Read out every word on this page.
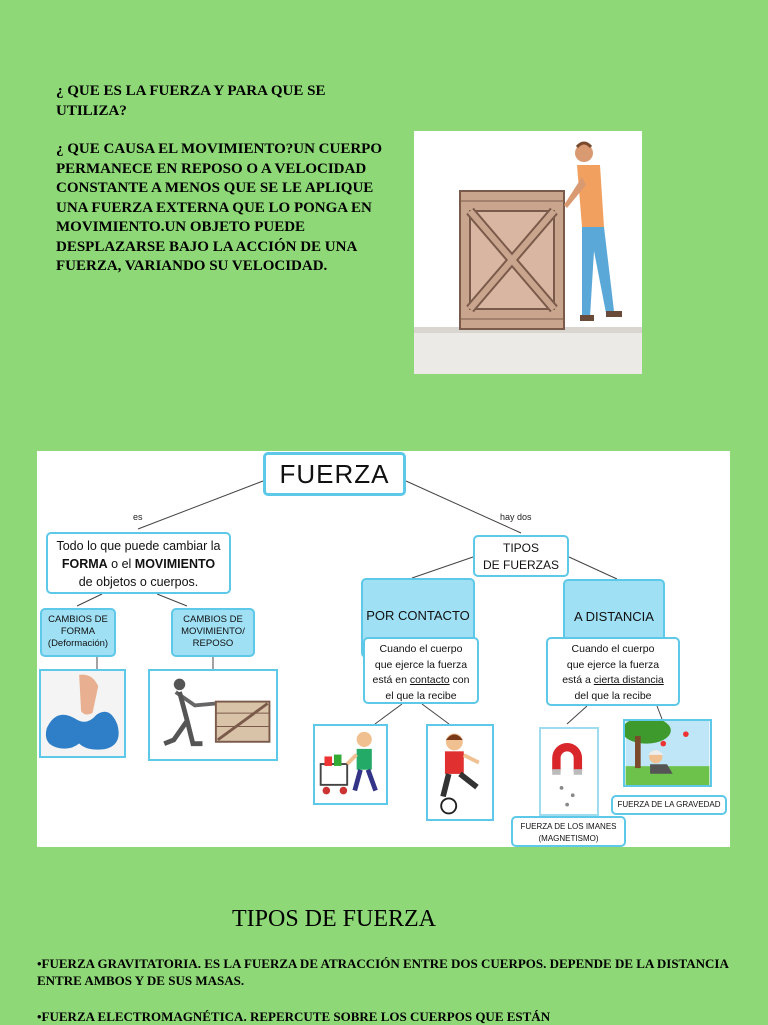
¿ QUE ES LA FUERZA Y PARA QUE SE UTILIZA?

¿ QUE CAUSA EL MOVIMIENTO?UN CUERPO PERMANECE EN REPOSO O A VELOCIDAD CONSTANTE A MENOS QUE SE LE APLIQUE UNA FUERZA EXTERNA QUE LO PONGA EN MOVIMIENTO.UN OBJETO PUEDE DESPLAZARSE BAJO LA ACCIÓN DE UNA FUERZA, VARIANDO SU VELOCIDAD.

FUERZA
es	hay dos
Todo lo que puede cambiar la
FORMA o el MOVIMIENTO
de objetos o cuerpos.
CAMBIOS DE
FORMA
(Deformación)
CAMBIOS DE
MOVIMIENTO/
REPOSO
TIPOS
DE FUERZAS
POR CONTACTO	A DISTANCIA
Cuando el cuerpo
que ejerce la fuerza
está en contacto con
el que la recibe
Cuando el cuerpo
que ejerce la fuerza
está a cierta distancia
del que la recibe
FUERZA DE LOS IMANES
(MAGNETISMO)
FUERZA DE LA GRAVEDAD
TIPOS DE FUERZA
•FUERZA GRAVITATORIA. ES LA FUERZA DE ATRACCIÓN ENTRE DOS CUERPOS. DEPENDE DE LA DISTANCIA ENTRE AMBOS Y DE SUS MASAS.
•FUERZA ELECTROMAGNÉTICA. REPERCUTE SOBRE LOS CUERPOS QUE ESTÁN
